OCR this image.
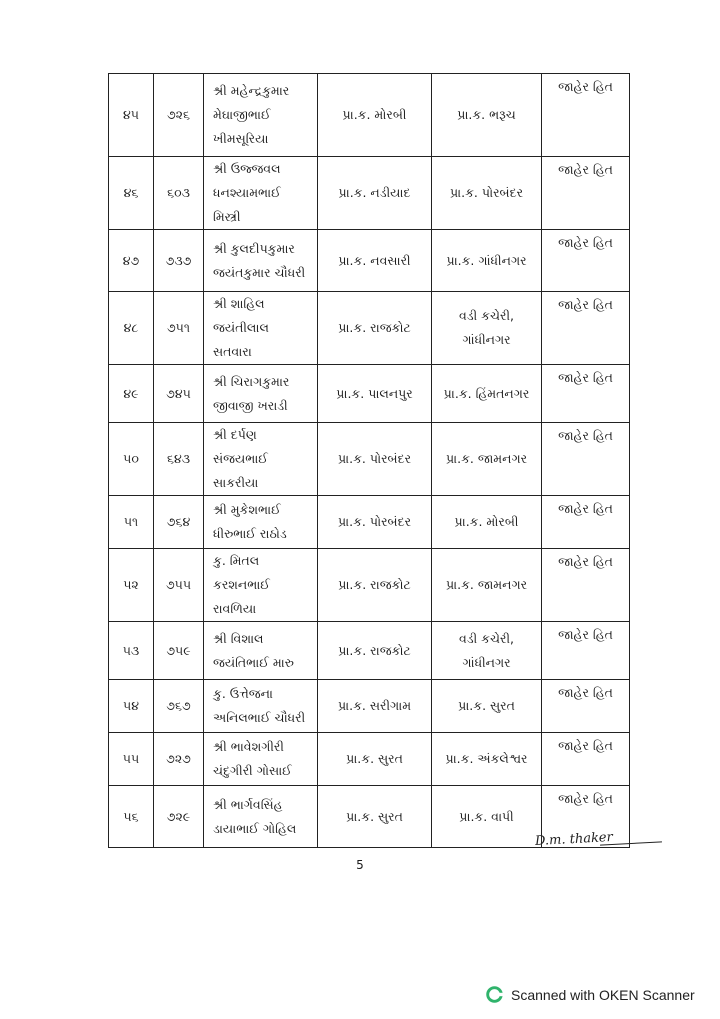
૪૫	૭૨૬	શ્રી મહેન્દ્રકુમાર
મેઘાજીભાઈ
ખીમસૂરિયા	પ્રા.ક. મોરબી	પ્રા.ક. ભરૂચ	જાહેર હિત
૪૬	૬૦૩	શ્રી ઉજ્જવલ
ધનશ્યામભાઈ
મિસ્ત્રી	પ્રા.ક. નડીયાદ	પ્રા.ક. પોરબંદર	જાહેર હિત
૪૭	૭૩૭	શ્રી કુલદીપકુમાર
જયંતકુમાર ચૌધરી	પ્રા.ક. નવસારી	પ્રા.ક. ગાંધીનગર	જાહેર હિત
૪૮	૭૫૧	શ્રી શાહિલ
જયંતીલાલ
સતવારા	પ્રા.ક. રાજકોટ	વડી કચેરી,
ગાંધીનગર	જાહેર હિત
૪૯	૭૪૫	શ્રી ચિરાગકુમાર
જીવાજી ખરાડી	પ્રા.ક. પાલનપુર	પ્રા.ક. હિંમતનગર	જાહેર હિત
૫૦	૬૪૩	શ્રી દર્પણ
સંજયભાઈ
સાકરીયા	પ્રા.ક. પોરબંદર	પ્રા.ક. જામનગર	જાહેર હિત
૫૧	૭૬૪	શ્રી મુકેશભાઈ
ધીરુભાઈ રાઠોડ	પ્રા.ક. પોરબંદર	પ્રા.ક. મોરબી	જાહેર હિત
૫૨	૭૫૫	કુ. મિતલ
કરશનભાઈ
રાવળિયા	પ્રા.ક. રાજકોટ	પ્રા.ક. જામનગર	જાહેર હિત
૫૩	૭૫૯	શ્રી વિશાલ
જયંતિભાઈ મારુ	પ્રા.ક. રાજકોટ	વડી કચેરી,
ગાંધીનગર	જાહેર હિત
૫૪	૭૬૭	કુ. ઉત્તેજના
અનિલભાઈ ચૌધરી	પ્રા.ક. સરીગામ	પ્રા.ક. સુરત	જાહેર હિત
૫૫	૭૨૭	શ્રી ભાવેશગીરી
ચંદુગીરી ગોસાઈ	પ્રા.ક. સુરત	પ્રા.ક. અંકલેશ્વર	જાહેર હિત
૫૬	૭૨૯	શ્રી ભાર્ગવસિંહ
ડાયાભાઈ ગોહિલ	પ્રા.ક. સુરત	પ્રા.ક. વાપી	જાહેર હિત
D.m. thaker
5
Scanned with OKEN Scanner
